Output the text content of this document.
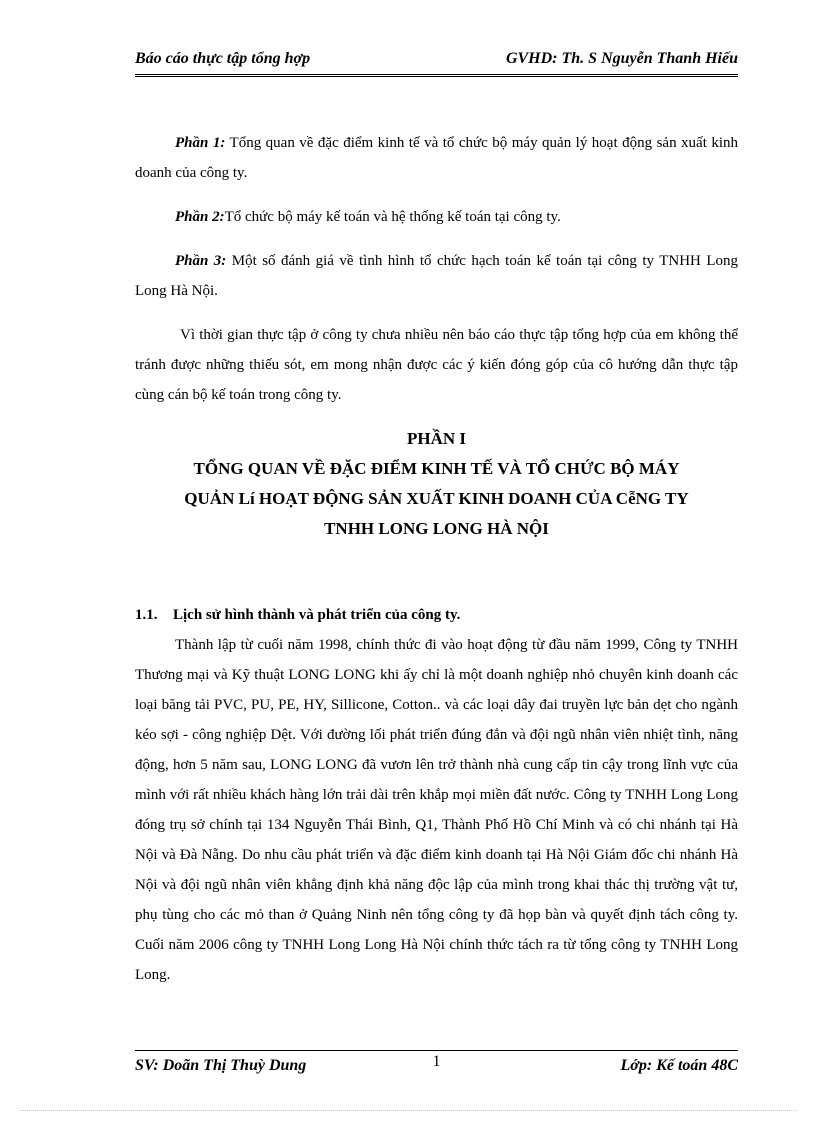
Báo cáo thực tập tổng hợp	GVHD: Th. S Nguyễn Thanh Hiếu

Phần 1: Tổng quan về đặc điểm kinh tế và tổ chức bộ máy quản lý hoạt động sản xuất kinh doanh của công ty.

Phần 2:Tổ chức bộ máy kế toán và hệ thống kế toán tại công ty.

Phần 3: Một số đánh giá về tình hình tổ chức hạch toán kế toán tại công ty TNHH Long Long Hà Nội.

Vì thời gian thực tập ở công ty chưa nhiều nên báo cáo thực tập tổng hợp của em không thể tránh được những thiếu sót, em mong nhận được các ý kiến đóng góp của cô hướng dẫn thực tập cùng cán bộ kế toán trong công ty.

PHẦN I
TỔNG QUAN VỀ ĐẶC ĐIỂM KINH TẾ VÀ TỔ CHỨC BỘ MÁY
QUẢN Lí HOẠT ĐỘNG SẢN XUẤT KINH DOANH CỦA CễNG TY
TNHH LONG LONG HÀ NỘI
1.1. Lịch sử hình thành và phát triển của công ty.

Thành lập từ cuối năm 1998, chính thức đi vào hoạt động từ đầu năm 1999, Công ty TNHH Thương mại và Kỹ thuật LONG LONG khi ấy chỉ là một doanh nghiệp nhỏ chuyên kinh doanh các loại băng tải PVC, PU, PE, HY, Sillicone, Cotton.. và các loại dây đai truyền lực bản dẹt cho ngành kéo sợi - công nghiệp Dệt. Với đường lối phát triển đúng đắn và đội ngũ nhân viên nhiệt tình, năng động, hơn 5 năm sau, LONG LONG đã vươn lên trở thành nhà cung cấp tin cậy trong lĩnh vực của mình với rất nhiều khách hàng lớn trải dài trên khắp mọi miền đất nước. Công ty TNHH Long Long đóng trụ sở chính tại 134 Nguyễn Thái Bình, Q1, Thành Phố Hồ Chí Minh và có chi nhánh tại Hà Nội và Đà Nẵng. Do nhu cầu phát triển và đặc điểm kinh doanh tại Hà Nội Giám đốc chi nhánh Hà Nội và đội ngũ nhân viên khẳng định khả năng độc lập của mình trong khai thác thị trường vật tư, phụ tùng cho các mỏ than ở Quảng Ninh nên tổng công ty đã họp bàn và quyết định tách công ty. Cuối năm 2006 công ty TNHH Long Long Hà Nội chính thức tách ra từ tổng công ty TNHH Long Long.

SV: Doãn Thị Thuỳ Dung	1	Lớp: Kế toán 48C
